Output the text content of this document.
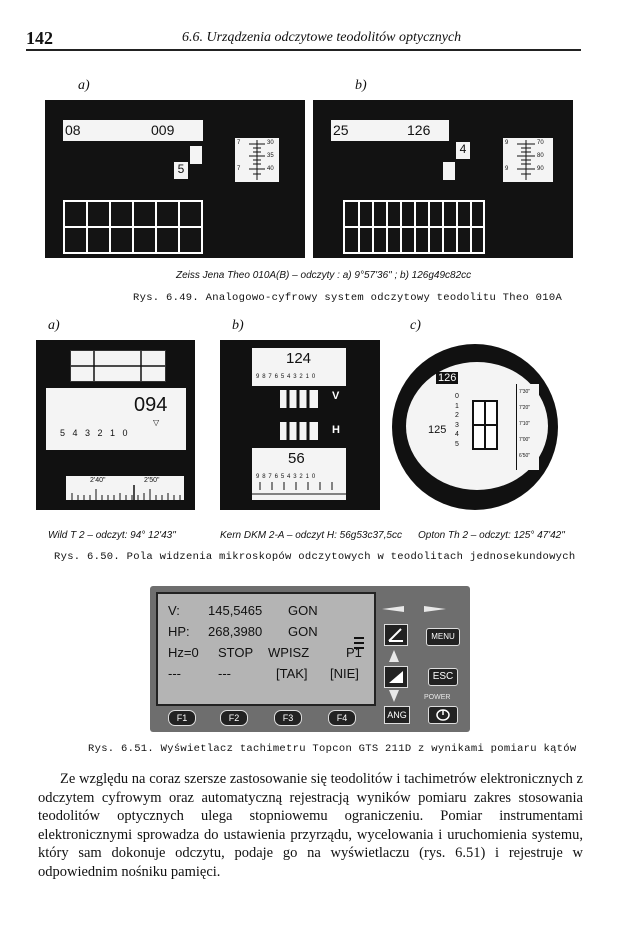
142	6.6. Urządzenia odczytowe teodolitów optycznych
a)	b)
08	009
5
7	30
35
7	40
25	126
4	9	70
80
9	90
Zeiss Jena Theo 010A(B) – odczyty : a) 9°57'36" ; b) 126g49c82cc
Rys. 6.49. Analogowo-cyfrowy system odczytowy teodolitu Theo 010A
a)	b)	c)
094
▽
5   4   3   2   1   0
2'40"	2'50"
124
9 8 7 6 5 4 3 2 1 0
V
H
56
9 8 7 6 5 4 3 2 1 0
126
0
1
2
3
4
5
125
7'30"
7'20"
7'10"
7'00"
6'50"
Wild T 2 – odczyt: 94° 12'43"	Kern DKM 2-A – odczyt H: 56g53c37,5cc Opton Th 2 – odczyt: 125° 47'42"
Rys. 6.50. Pola widzenia mikroskopów odczytowych w teodolitach jednosekundowych
V: 145,5465 GON
HP: 268,3980 GON
Hz=0 STOP WPISZ	P1
---	---	[TAK] [NIE]
MENU
ESC
POWER
ANG
F1	F2	F3	F4
Rys. 6.51. Wyświetlacz tachimetru Topcon GTS 211D z wynikami pomiaru kątów

Ze względu na coraz szersze zastosowanie się teodolitów i tachimetrów elektronicznych z odczytem cyfrowym oraz automatyczną rejestracją wyników pomiaru zakres stosowania teodolitów optycznych ulega stopniowemu ograniczeniu. Pomiar instrumentami elektronicznymi sprowadza do ustawienia przyrządu, wycelowania i uruchomienia systemu, który sam dokonuje odczytu, podaje go na wyświetlaczu (rys. 6.51) i rejestruje w odpowiednim nośniku pamięci.
